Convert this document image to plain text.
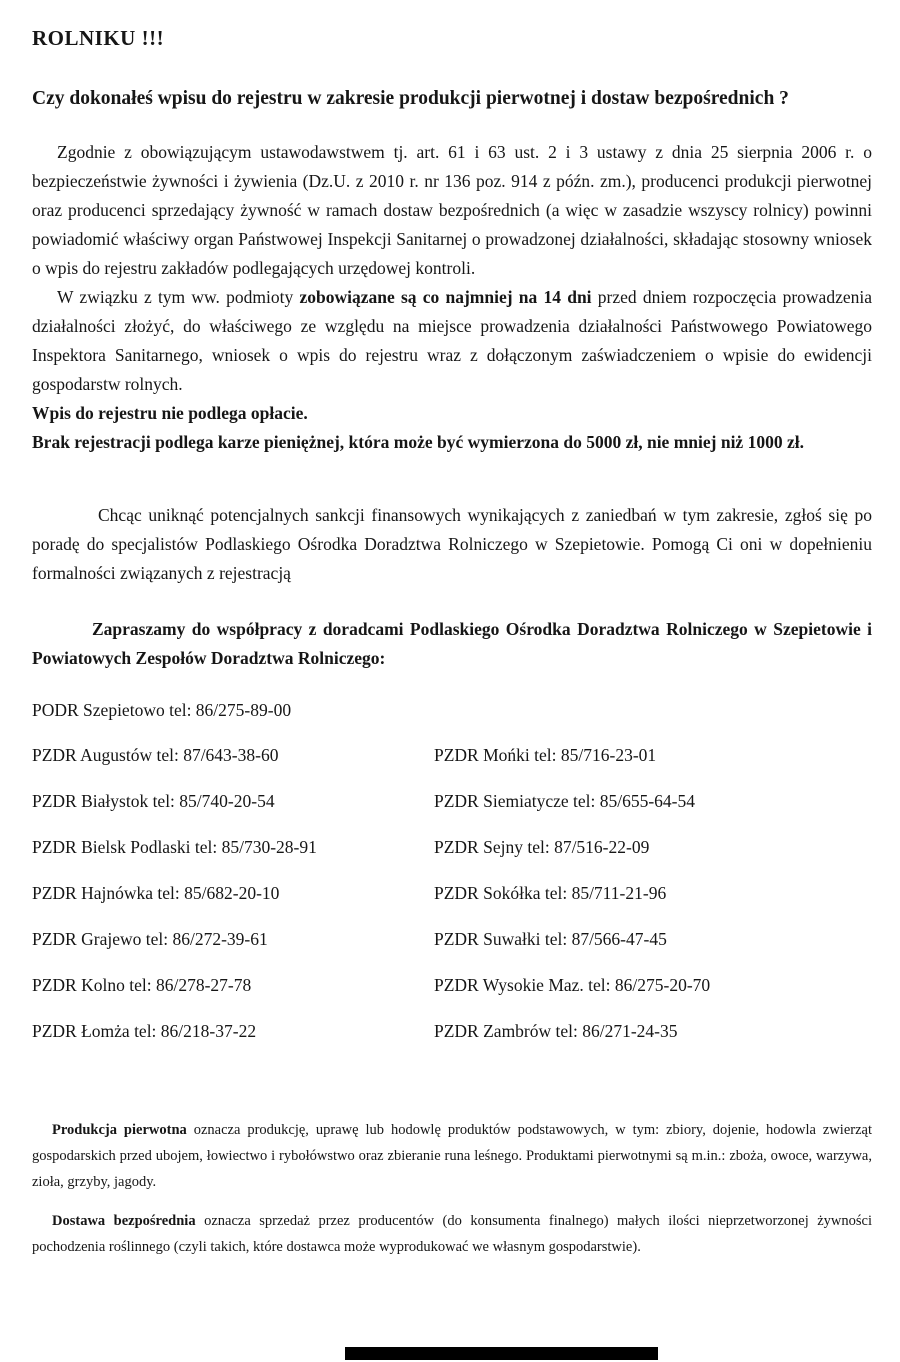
ROLNIKU !!!
Czy dokonałeś wpisu do rejestru w zakresie produkcji pierwotnej i dostaw bezpośrednich ?

Zgodnie z obowiązującym ustawodawstwem tj. art. 61 i 63 ust. 2 i 3 ustawy z dnia 25 sierpnia 2006 r. o bezpieczeństwie żywności i żywienia (Dz.U. z 2010 r. nr 136 poz. 914 z późn. zm.), producenci produkcji pierwotnej oraz producenci sprzedający żywność w ramach dostaw bezpośrednich (a więc w zasadzie wszyscy rolnicy) powinni powiadomić właściwy organ Państwowej Inspekcji Sanitarnej o prowadzonej działalności, składając stosowny wniosek o wpis do rejestru zakładów podlegających urzędowej kontroli.

W związku z tym ww. podmioty zobowiązane są co najmniej na 14 dni przed dniem rozpoczęcia prowadzenia działalności złożyć, do właściwego ze względu na miejsce prowadzenia działalności Państwowego Powiatowego Inspektora Sanitarnego, wniosek o wpis do rejestru wraz z dołączonym zaświadczeniem o wpisie do ewidencji gospodarstw rolnych.

Wpis do rejestru nie podlega opłacie.

Brak rejestracji podlega karze pieniężnej, która może być wymierzona do 5000 zł, nie mniej niż 1000 zł.

Chcąc uniknąć potencjalnych sankcji finansowych wynikających z zaniedbań w tym zakresie, zgłoś się po poradę do specjalistów Podlaskiego Ośrodka Doradztwa Rolniczego w Szepietowie. Pomogą Ci oni w dopełnieniu formalności związanych z rejestracją

Zapraszamy do współpracy z doradcami Podlaskiego Ośrodka Doradztwa Rolniczego w Szepietowie i Powiatowych Zespołów Doradztwa Rolniczego:

PODR Szepietowo tel: 86/275-89-00

PZDR Augustów tel: 87/643-38-60
PZDR Białystok tel: 85/740-20-54
PZDR Bielsk Podlaski tel: 85/730-28-91
PZDR Hajnówka tel: 85/682-20-10
PZDR Grajewo tel: 86/272-39-61
PZDR Kolno tel: 86/278-27-78
PZDR Łomża tel: 86/218-37-22
PZDR Mońki tel: 85/716-23-01
PZDR Siemiatycze tel: 85/655-64-54
PZDR Sejny tel: 87/516-22-09
PZDR Sokółka tel: 85/711-21-96
PZDR Suwałki tel: 87/566-47-45
PZDR Wysokie Maz. tel: 86/275-20-70
PZDR Zambrów tel: 86/271-24-35

Produkcja pierwotna oznacza produkcję, uprawę lub hodowlę produktów podstawowych, w tym: zbiory, dojenie, hodowla zwierząt gospodarskich przed ubojem, łowiectwo i rybołówstwo oraz zbieranie runa leśnego. Produktami pierwotnymi są m.in.: zboża, owoce, warzywa, zioła, grzyby, jagody.

Dostawa bezpośrednia oznacza sprzedaż przez producentów (do konsumenta finalnego) małych ilości nieprzetworzonej żywności pochodzenia roślinnego (czyli takich, które dostawca może wyprodukować we własnym gospodarstwie).
